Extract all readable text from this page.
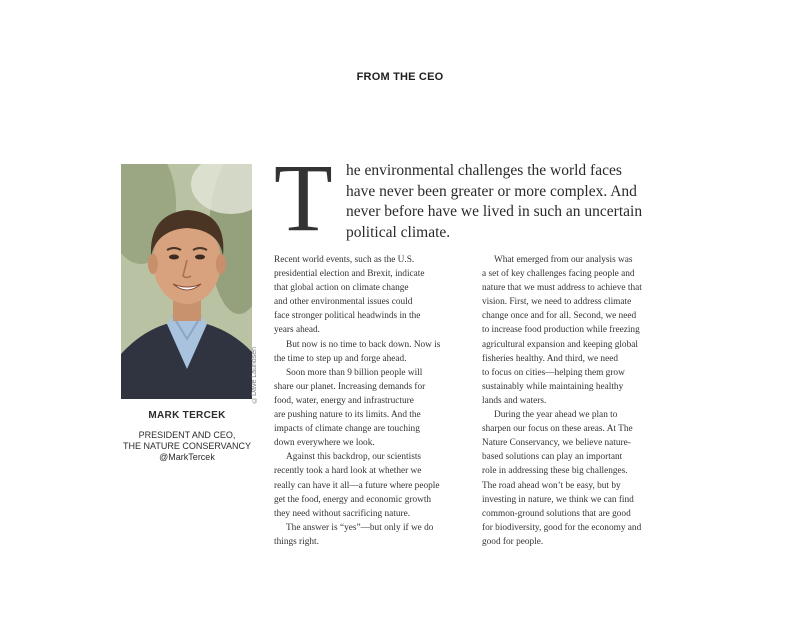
FROM THE CEO
©Dave Lauridsen
MARK TERCEK
PRESIDENT AND CEO,
THE NATURE CONSERVANCY
@MarkTercek
T he environmental challenges the world faces
have never been greater or more complex. And
never before have we lived in such an uncertain
political climate.
Recent world events, such as the U.S.
presidential election and Brexit, indicate
that global action on climate change
and other environmental issues could
face stronger political headwinds in the
years ahead.
But now is no time to back down. Now is
the time to step up and forge ahead.
Soon more than 9 billion people will
share our planet. Increasing demands for
food, water, energy and infrastructure
are pushing nature to its limits. And the
impacts of climate change are touching
down everywhere we look.
Against this backdrop, our scientists
recently took a hard look at whether we
really can have it all—a future where people
get the food, energy and economic growth
they need without sacrificing nature.
The answer is “yes”—but only if we do
things right.
What emerged from our analysis was
a set of key challenges facing people and
nature that we must address to achieve that
vision. First, we need to address climate
change once and for all. Second, we need
to increase food production while freezing
agricultural expansion and keeping global
fisheries healthy. And third, we need
to focus on cities—helping them grow
sustainably while maintaining healthy
lands and waters.
During the year ahead we plan to
sharpen our focus on these areas. At The
Nature Conservancy, we believe nature-
based solutions can play an important
role in addressing these big challenges.
The road ahead won’t be easy, but by
investing in nature, we think we can find
common-ground solutions that are good
for biodiversity, good for the economy and
good for people.
